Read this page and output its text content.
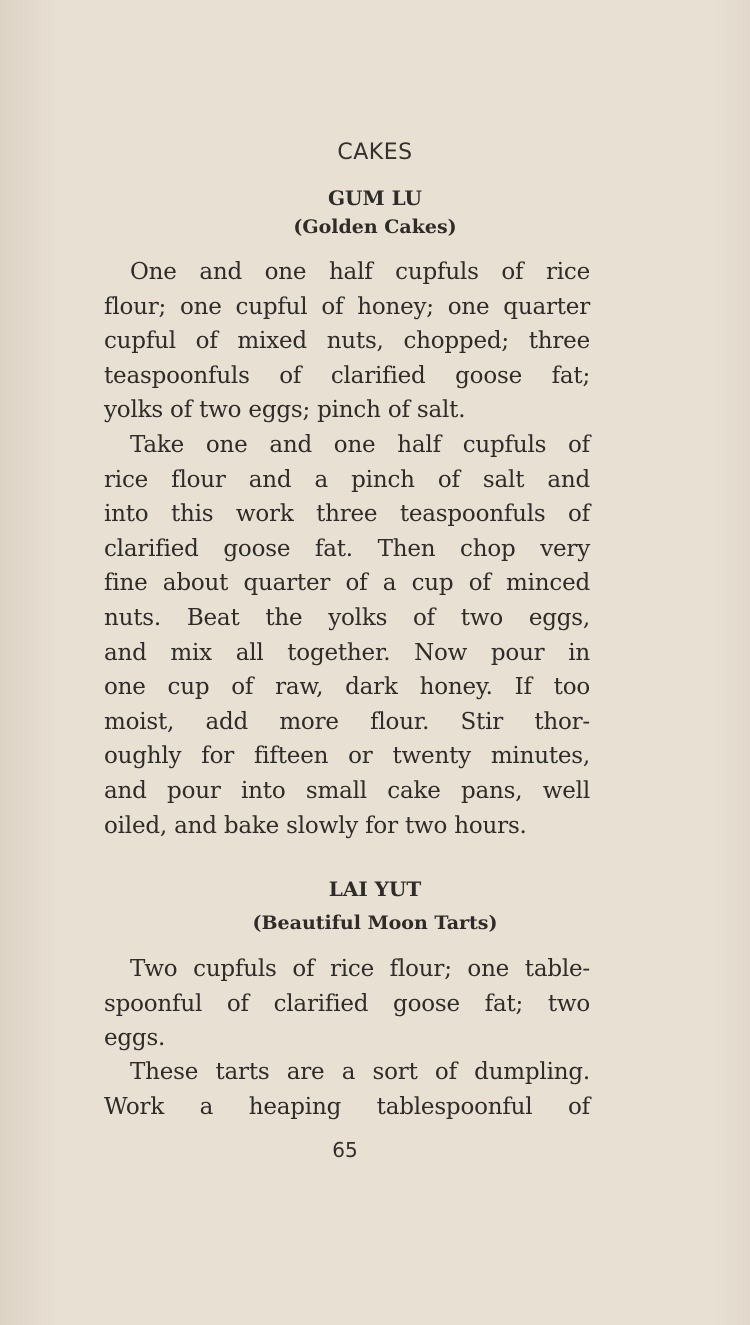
CAKES
GUM LU
(Golden Cakes)
One and one half cupfuls of rice
flour; one cupful of honey; one quarter
cupful of mixed nuts, chopped; three
teaspoonfuls of clarified goose fat;
yolks of two eggs; pinch of salt.
Take one and one half cupfuls of
rice flour and a pinch of salt and
into this work three teaspoonfuls of
clarified goose fat. Then chop very
fine about quarter of a cup of minced
nuts. Beat the yolks of two eggs,
and mix all together. Now pour in
one cup of raw, dark honey. If too
moist, add more flour. Stir thor-
oughly for fifteen or twenty minutes,
and pour into small cake pans, well
oiled, and bake slowly for two hours.
LAI YUT
(Beautiful Moon Tarts)
Two cupfuls of rice flour; one table-
spoonful of clarified goose fat; two
eggs.
These tarts are a sort of dumpling.
Work a heaping tablespoonful of
65
